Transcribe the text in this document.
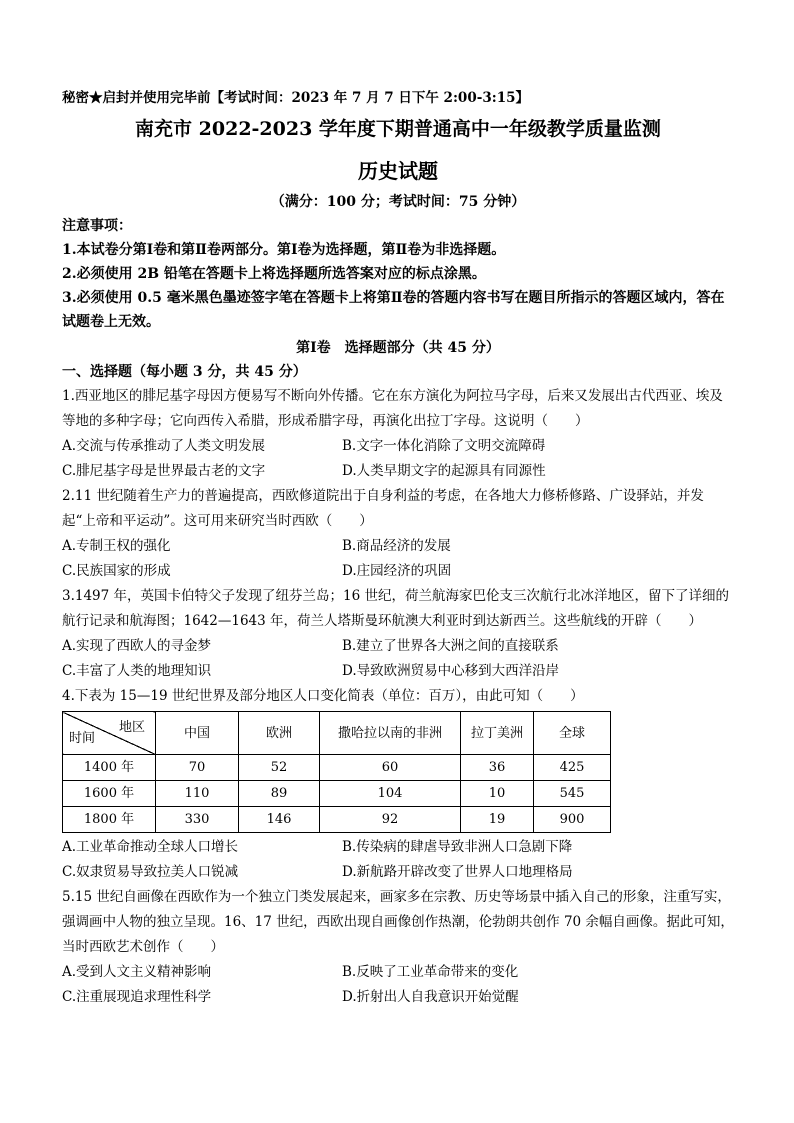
秘密★启封并使用完毕前【考试时间：2023 年 7 月 7 日下午 2:00-3:15】
南充市 2022-2023 学年度下期普通高中一年级教学质量监测
历史试题
（满分：100 分；考试时间：75 分钟）
注意事项：
1.本试卷分第Ⅰ卷和第Ⅱ卷两部分。第Ⅰ卷为选择题，第Ⅱ卷为非选择题。
2.必须使用 2B 铅笔在答题卡上将选择题所选答案对应的标点涂黑。
3.必须使用 0.5 毫米黑色墨迹签字笔在答题卡上将第Ⅱ卷的答题内容书写在题目所指示的答题区域内，答在试题卷上无效。
第Ⅰ卷　选择题部分（共 45 分）
一、选择题（每小题 3 分，共 45 分）

1.西亚地区的腓尼基字母因方便易写不断向外传播。它在东方演化为阿拉马字母，后来又发展出古代西亚、埃及等地的多种字母；它向西传入希腊，形成希腊字母，再演化出拉丁字母。这说明（　　）

A.交流与传承推动了人类文明发展	B.文字一体化消除了文明交流障碍
C.腓尼基字母是世界最古老的文字	D.人类早期文字的起源具有同源性

2.11 世纪随着生产力的普遍提高，西欧修道院出于自身利益的考虑，在各地大力修桥修路、广设驿站，并发起“上帝和平运动”。这可用来研究当时西欧（　　）

A.专制王权的强化	B.商品经济的发展
C.民族国家的形成	D.庄园经济的巩固

3.1497 年，英国卡伯特父子发现了纽芬兰岛；16 世纪，荷兰航海家巴伦支三次航行北冰洋地区，留下了详细的航行记录和航海图；1642—1643 年，荷兰人塔斯曼环航澳大利亚时到达新西兰。这些航线的开辟（　　）

A.实现了西欧人的寻金梦	B.建立了世界各大洲之间的直接联系
C.丰富了人类的地理知识	D.导致欧洲贸易中心移到大西洋沿岸

4.下表为 15—19 世纪世界及部分地区人口变化简表（单位：百万），由此可知（　　）

地区
时间	中国	欧洲	撒哈拉以南的非洲	拉丁美洲	全球
1400 年	70	52	60	36	425
1600 年	110	89	104	10	545
1800 年	330	146	92	19	900
A.工业革命推动全球人口增长	B.传染病的肆虐导致非洲人口急剧下降
C.奴隶贸易导致拉美人口锐减	D.新航路开辟改变了世界人口地理格局

5.15 世纪自画像在西欧作为一个独立门类发展起来，画家多在宗教、历史等场景中插入自己的形象，注重写实，强调画中人物的独立呈现。16、17 世纪，西欧出现自画像创作热潮，伦勃朗共创作 70 余幅自画像。据此可知，当时西欧艺术创作（　　）

A.受到人文主义精神影响	B.反映了工业革命带来的变化
C.注重展现追求理性科学	D.折射出人自我意识开始觉醒
